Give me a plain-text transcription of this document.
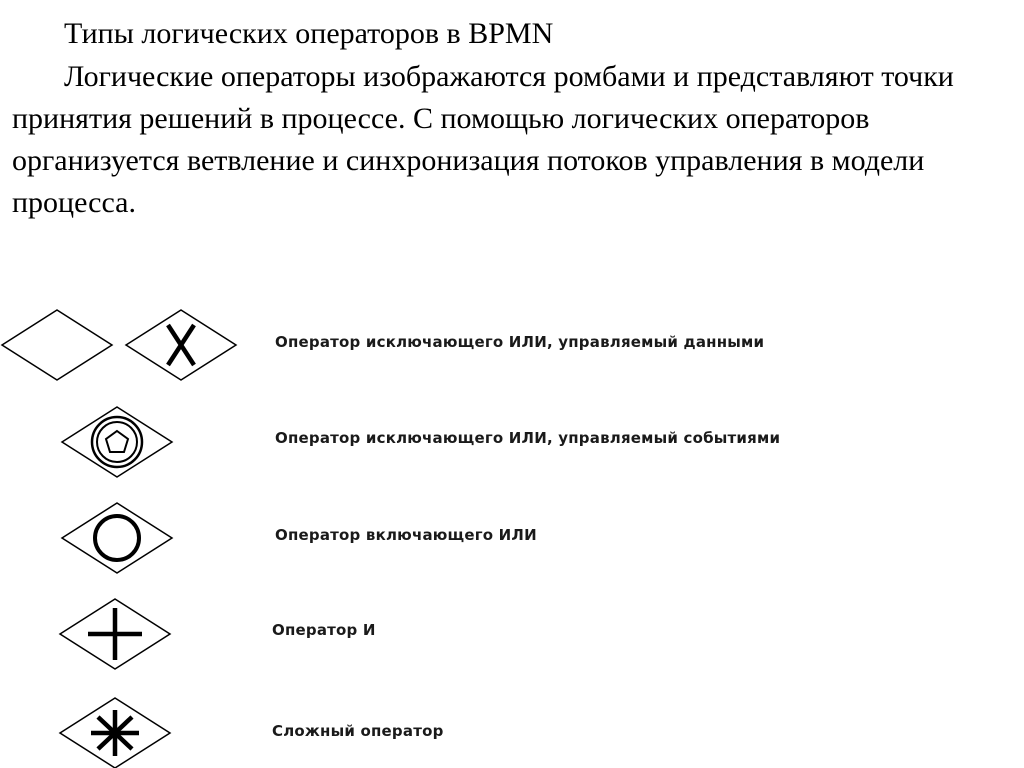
Типы логических операторов в BPMN

Логические операторы изображаются ромбами и представляют точки принятия решений в процессе. С помощью логических операторов организуется ветвление и синхронизация потоков управления в модели процесса.

Оператор исключающего ИЛИ, управляемый данными
Оператор исключающего ИЛИ, управляемый событиями
Оператор включающего ИЛИ
Оператор И
Сложный оператор
